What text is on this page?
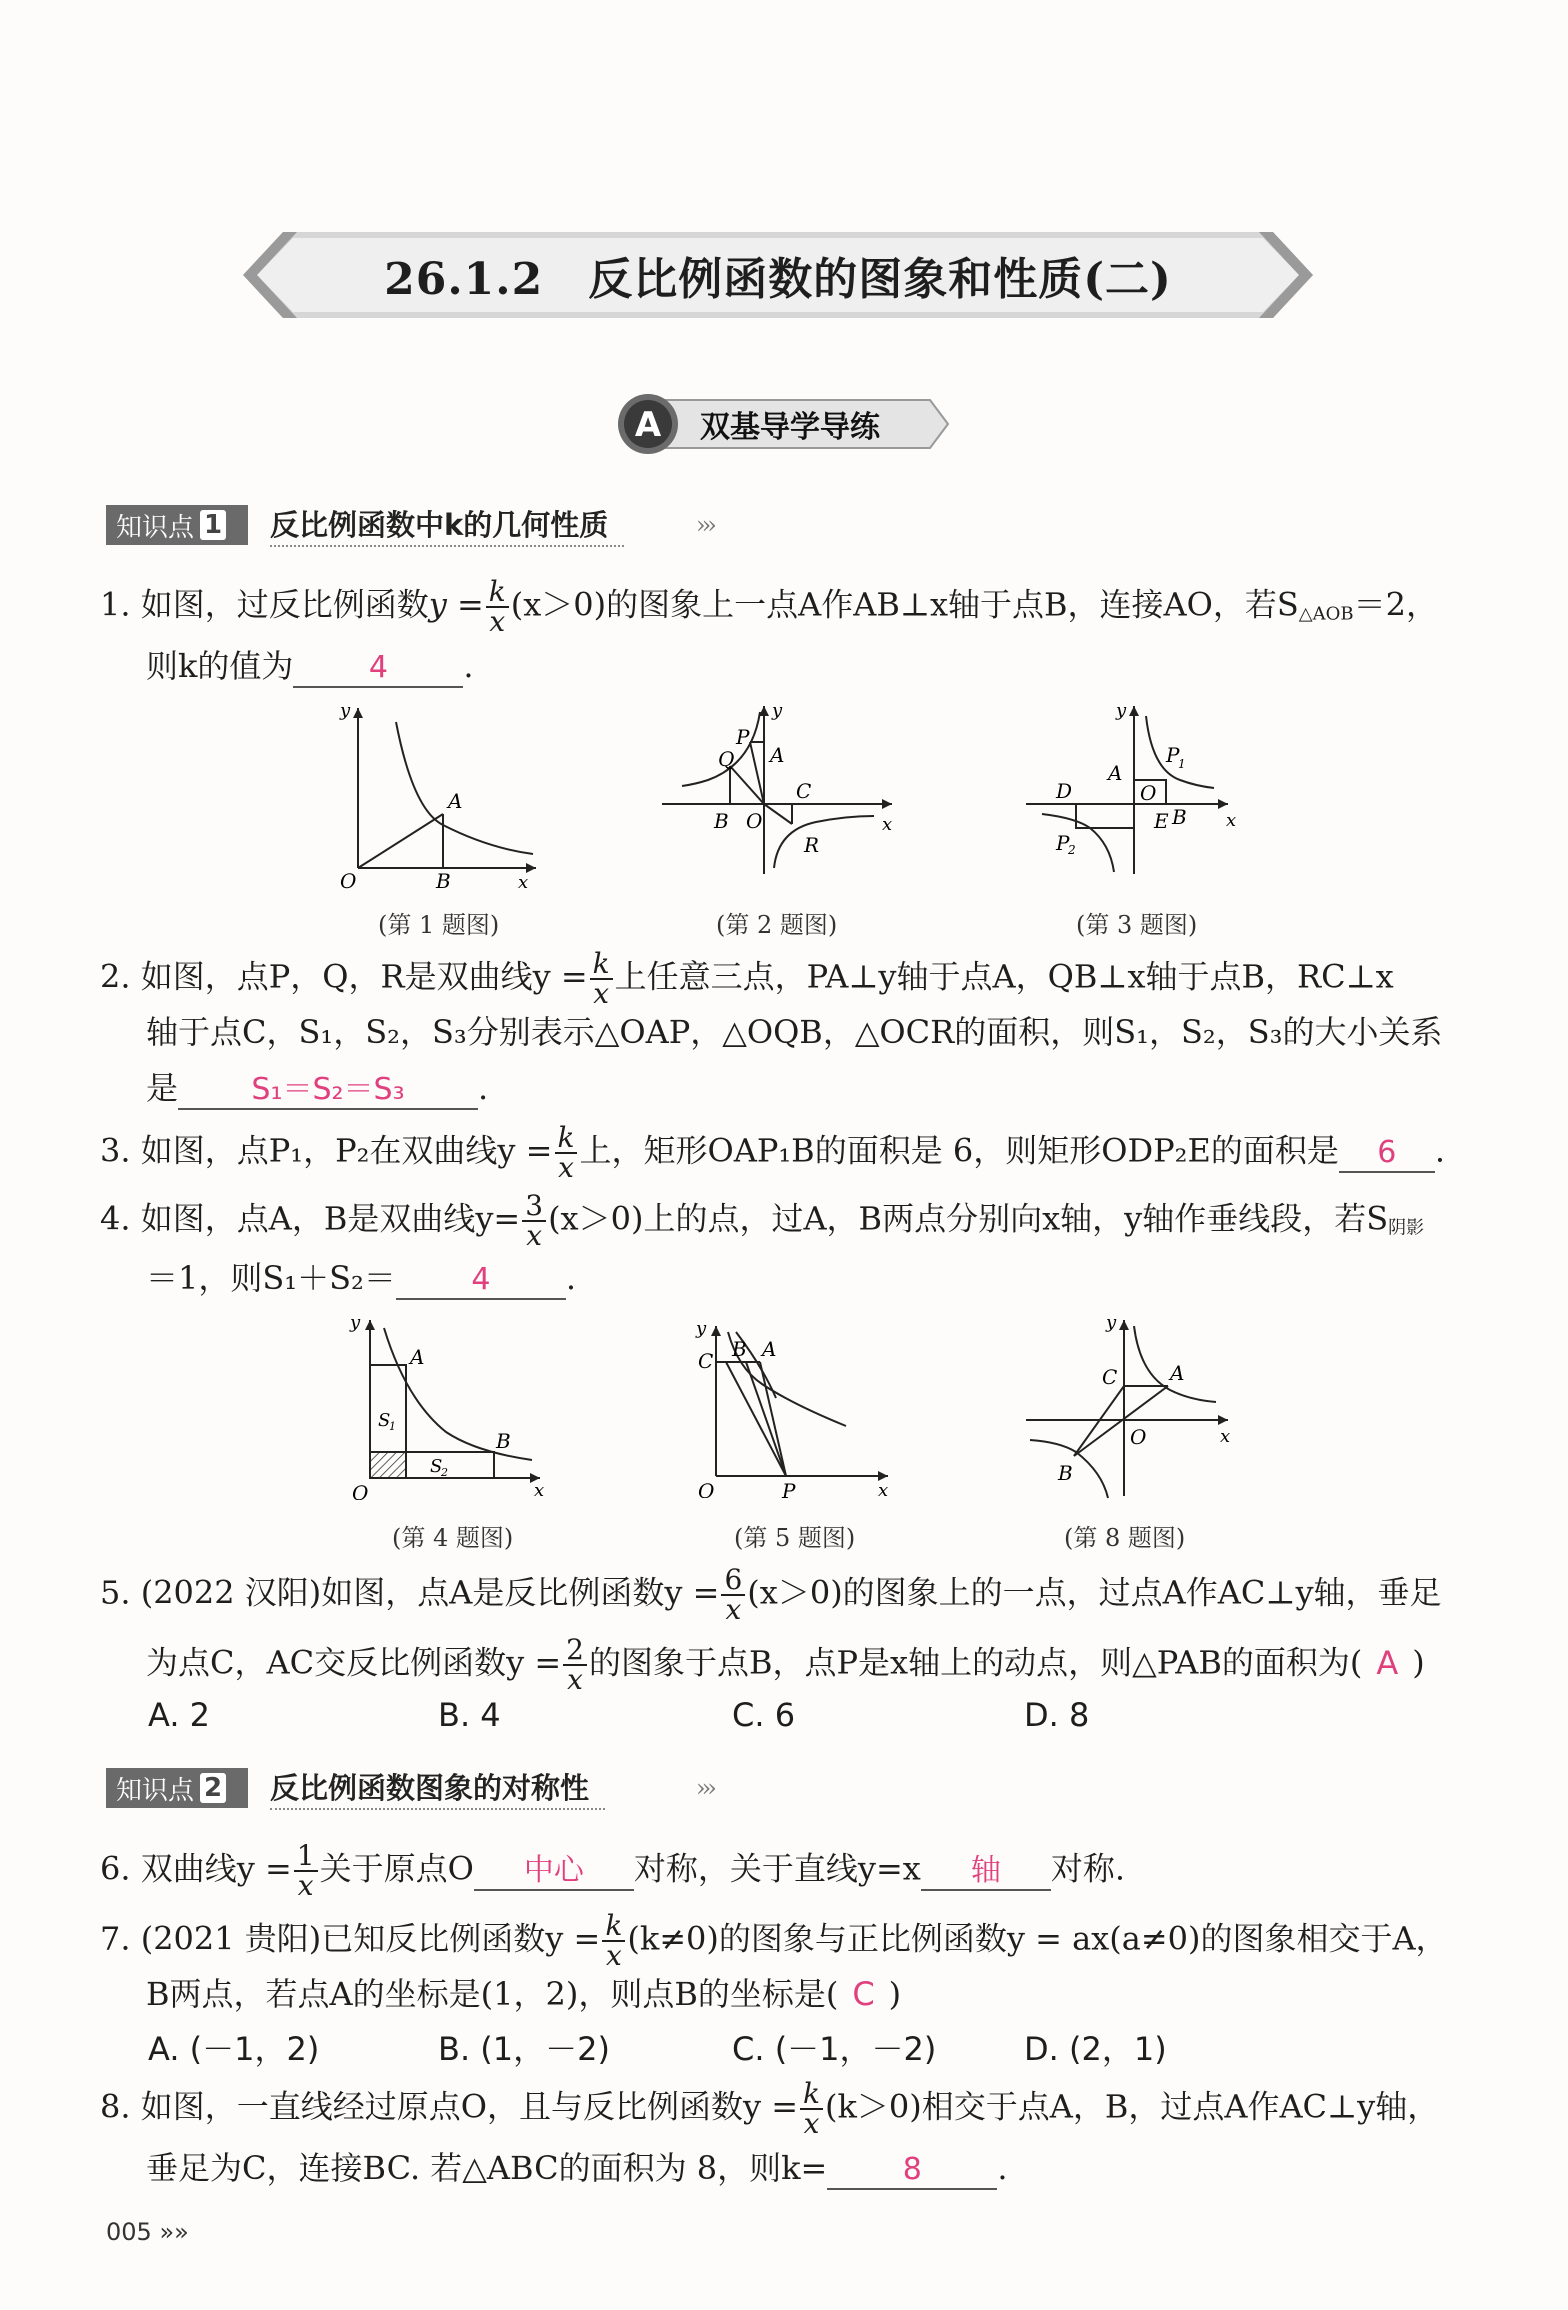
26.1.2　反比例函数的图象和性质(二)
A 双基导学导练
知识点 1 反比例函数中k的几何性质	›››
1. 如图，过反比例函数$y = \frac{k}{x} (x>0)$的图象上一点A作AB⊥x轴于点B，连接AO，若$S_{\triangle AOB}=2$，
则k的值为	4 .
A
B
O	x
y
(第 1 题图)
P
Q A
C
B O
R
x
y
(第 2 题图)
P
1
A
O
D
E B
P
2
x
y
(第 3 题图)
2. 如图，点P，Q，R是双曲线$y = \frac{k}{x}$ 上任意三点，PA⊥y轴于点A，QB⊥x轴于点B，RC⊥x
轴于点C，S₁，S₂，S₃分别表示△OAP，△OQB，△OCR的面积，则S₁，S₂，S₃的大小关系
是 S₁＝S₂＝S₃ .
3. 如图，点P₁，P₂在双曲线$y = \frac{k}{x}$ 上，矩形OAP₁B的面积是 6，则矩形ODP₂E的面积是 6 .
4. 如图，点A，B是双曲线$y= \frac{3}{x} (x>0)$上的点，过A，B两点分别向x轴，y轴作垂线段，若$S_{阴影}$
＝1，则S₁＋S₂＝	4 .
A
B
S
1
S
2
O	x
y
(第 4 题图)
C B A
P
O	x
y
(第 5 题图)
C	A
B
O	x
y
(第 8 题图)
5. (2022 汉阳)如图，点A是反比例函数$y = \frac{6}{x} (x>0)$的图象上的一点，过点A作AC⊥y轴，垂足
为点C，AC交反比例函数$y = \frac{2}{x}$ 的图象于点B，点P是x轴上的动点，则△PAB的面积为( A )
A. 2	B. 4	C. 6	D. 8
知识点 2 反比例函数图象的对称性	›››
6. 双曲线$y = \frac{1}{x}$ 关于原点O 中心 对称，关于直线y=x 轴 对称.
7. (2021 贵阳)已知反比例函数$y = \frac{k}{x} (k\ne 0)$的图象与正比例函数y = ax(a≠0)的图象相交于A，
B两点，若点A的坐标是(1，2)，则点B的坐标是( C )
A. (－1，2)	B. (1，－2)	C. (－1，－2)	D. (2，1)
8. 如图，一直线经过原点O，且与反比例函数$y = \frac{k}{x} (k>0)$相交于点A，B，过点A作AC⊥y轴，
垂足为C，连接BC. 若△ABC的面积为 8，则k=	8 .
005 »»
